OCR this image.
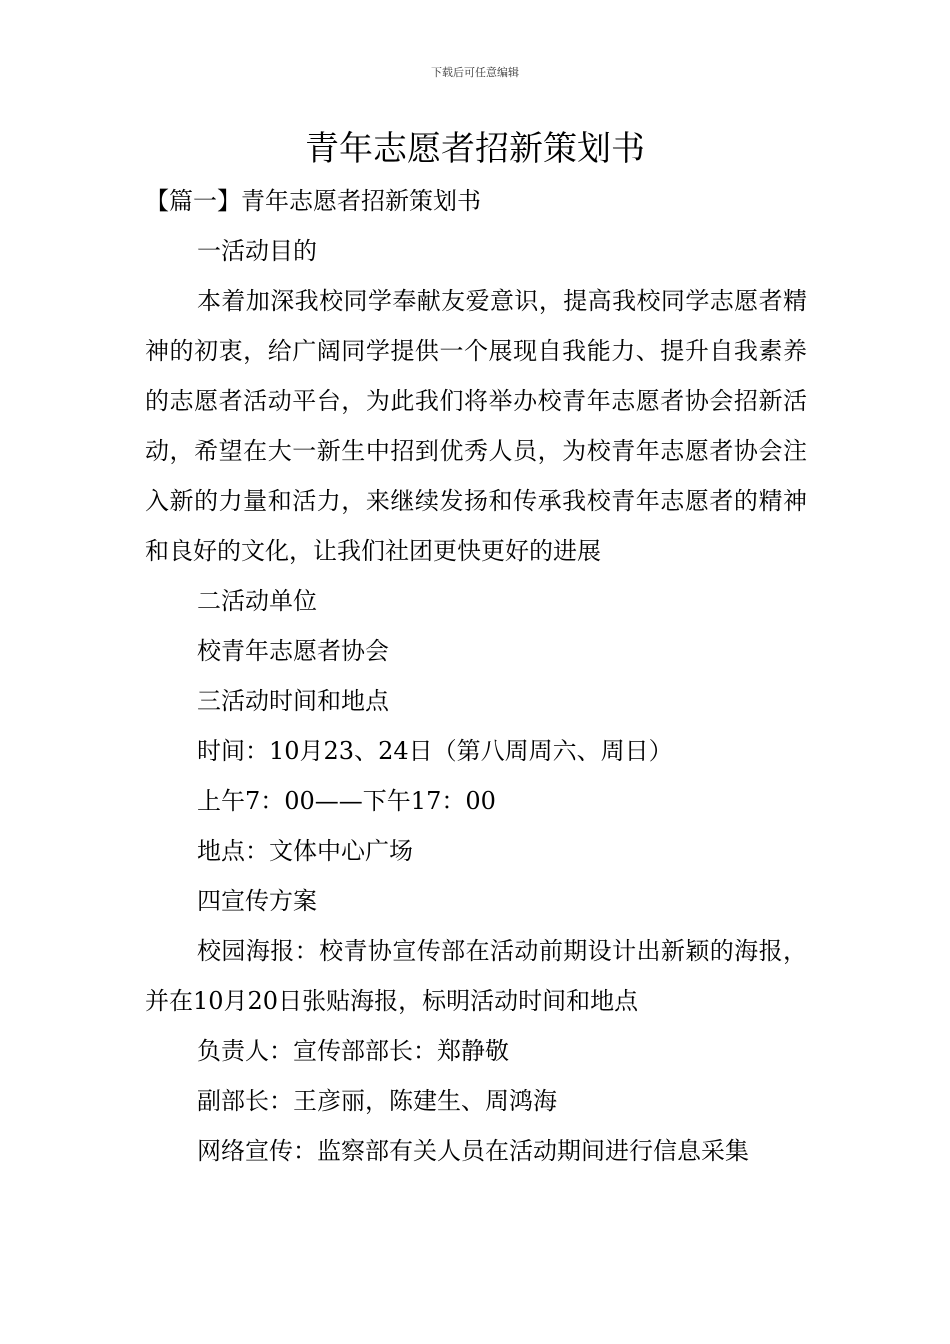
下载后可任意编辑
青年志愿者招新策划书

【篇一】青年志愿者招新策划书

一活动目的

本着加深我校同学奉献友爱意识，提高我校同学志愿者精神的初衷，给广阔同学提供一个展现自我能力、提升自我素养的志愿者活动平台，为此我们将举办校青年志愿者协会招新活动，希望在大一新生中招到优秀人员，为校青年志愿者协会注入新的力量和活力，来继续发扬和传承我校青年志愿者的精神和良好的文化，让我们社团更快更好的进展

二活动单位

校青年志愿者协会

三活动时间和地点

时间：10月23、24日（第八周周六、周日）

上午7：00——下午17：00

地点：文体中心广场

四宣传方案

校园海报：校青协宣传部在活动前期设计出新颖的海报，并在10月20日张贴海报，标明活动时间和地点

负责人：宣传部部长：郑静敬

副部长：王彦丽，陈建生、周鸿海

网络宣传：监察部有关人员在活动期间进行信息采集
